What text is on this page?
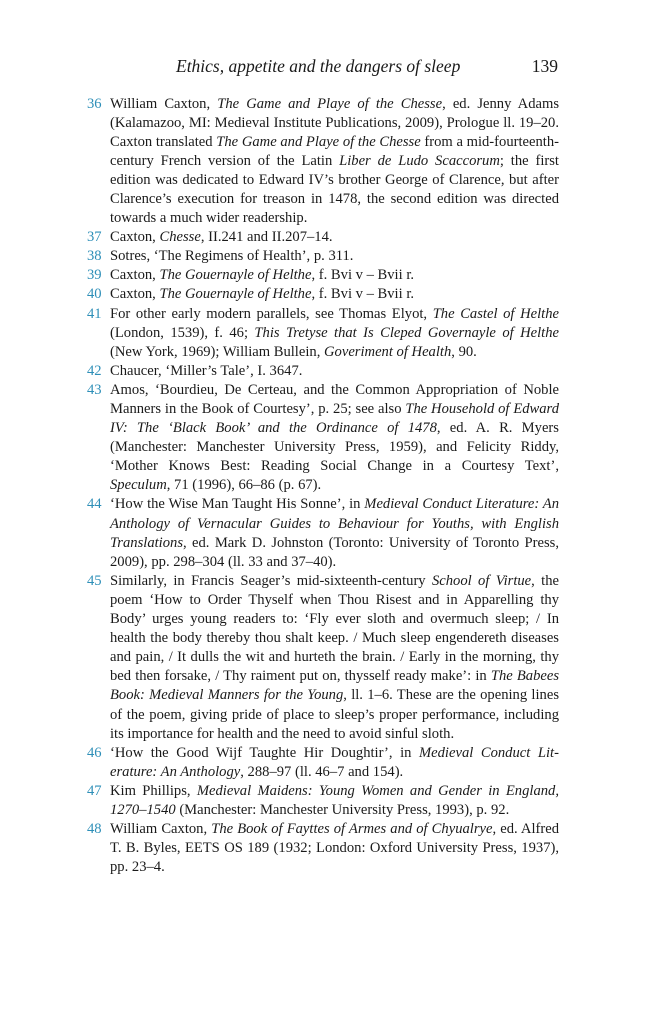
Ethics, appetite and the dangers of sleep	139
36 William Caxton, The Game and Playe of the Chesse, ed. Jenny Adams (Kalamazoo, MI: Medieval Institute Publications, 2009), Prologue ll. 19–20. Caxton translated The Game and Playe of the Chesse from a mid-fourteenth-century French version of the Latin Liber de Ludo Scaccorum; the first edition was dedicated to Edward IV’s brother George of Clarence, but after Clarence’s execution for treason in 1478, the second edition was directed towards a much wider readership.
37 Caxton, Chesse, II.241 and II.207–14.
38 Sotres, ‘The Regimens of Health’, p. 311.
39 Caxton, The Gouernayle of Helthe, f. Bvi v – Bvii r.
40 Caxton, The Gouernayle of Helthe, f. Bvi v – Bvii r.
41 For other early modern parallels, see Thomas Elyot, The Castel of Helthe (London, 1539), f. 46; This Tretyse that Is Cleped Governayle of Helthe (New York, 1969); William Bullein, Goveriment of Health, 90.
42 Chaucer, ‘Miller’s Tale’, I. 3647.
43 Amos, ‘Bourdieu, De Certeau, and the Common Appropriation of Noble Manners in the Book of Courtesy’, p. 25; see also The Household of Edward IV: The ‘Black Book’ and the Ordinance of 1478, ed. A. R. Myers (Manchester: Manchester University Press, 1959), and Felicity Riddy, ‘Mother Knows Best: Reading Social Change in a Courtesy Text’, Speculum, 71 (1996), 66–86 (p. 67).
44 ‘How the Wise Man Taught His Sonne’, in Medieval Conduct Literature: An Anthology of Vernacular Guides to Behaviour for Youths, with English Translations, ed. Mark D. Johnston (Toronto: University of Toronto Press, 2009), pp. 298–304 (ll. 33 and 37–40).
45 Similarly, in Francis Seager’s mid-sixteenth-century School of Virtue, the poem ‘How to Order Thyself when Thou Risest and in Apparelling thy Body’ urges young readers to: ‘Fly ever sloth and overmuch sleep; / In health the body thereby thou shalt keep. / Much sleep engendereth diseases and pain, / It dulls the wit and hurteth the brain. / Early in the morning, thy bed then forsake, / Thy raiment put on, thysself ready make’: in The Babees Book: Medieval Manners for the Young, ll. 1–6. These are the opening lines of the poem, giving pride of place to sleep’s proper performance, including its importance for health and the need to avoid sinful sloth.
46 ‘How the Good Wijf Taughte Hir Doughtir’, in Medieval Conduct Literature: An Anthology, 288–97 (ll. 46–7 and 154).
47 Kim Phillips, Medieval Maidens: Young Women and Gender in England, 1270–1540 (Manchester: Manchester University Press, 1993), p. 92.
48 William Caxton, The Book of Fayttes of Armes and of Chyualrye, ed. Alfred T. B. Byles, EETS OS 189 (1932; London: Oxford University Press, 1937), pp. 23–4.
